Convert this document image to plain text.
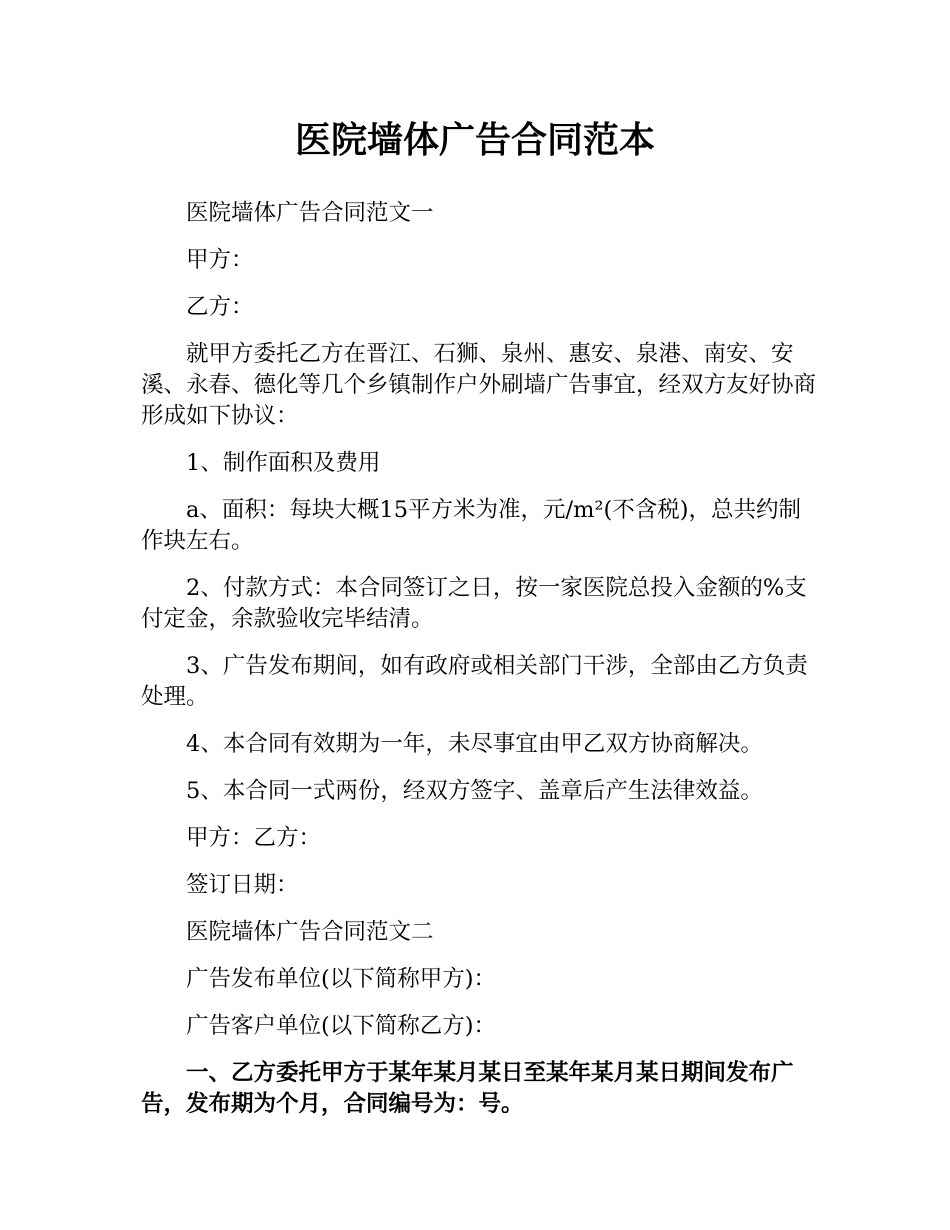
医院墙体广告合同范本

医院墙体广告合同范文一

甲方：

乙方：

就甲方委托乙方在晋江、石狮、泉州、惠安、泉港、南安、安溪、永春、德化等几个乡镇制作户外刷墙广告事宜，经双方友好协商形成如下协议：

1、制作面积及费用

a、面积：每块大概15平方米为准，元/m²(不含税)，总共约制作块左右。

2、付款方式：本合同签订之日，按一家医院总投入金额的%支付定金，余款验收完毕结清。

3、广告发布期间，如有政府或相关部门干涉，全部由乙方负责处理。

4、本合同有效期为一年，未尽事宜由甲乙双方协商解决。

5、本合同一式两份，经双方签字、盖章后产生法律效益。

甲方：乙方：

签订日期：

医院墙体广告合同范文二

广告发布单位(以下简称甲方)：

广告客户单位(以下简称乙方)：

一、乙方委托甲方于某年某月某日至某年某月某日期间发布广告，发布期为个月，合同编号为：号。
